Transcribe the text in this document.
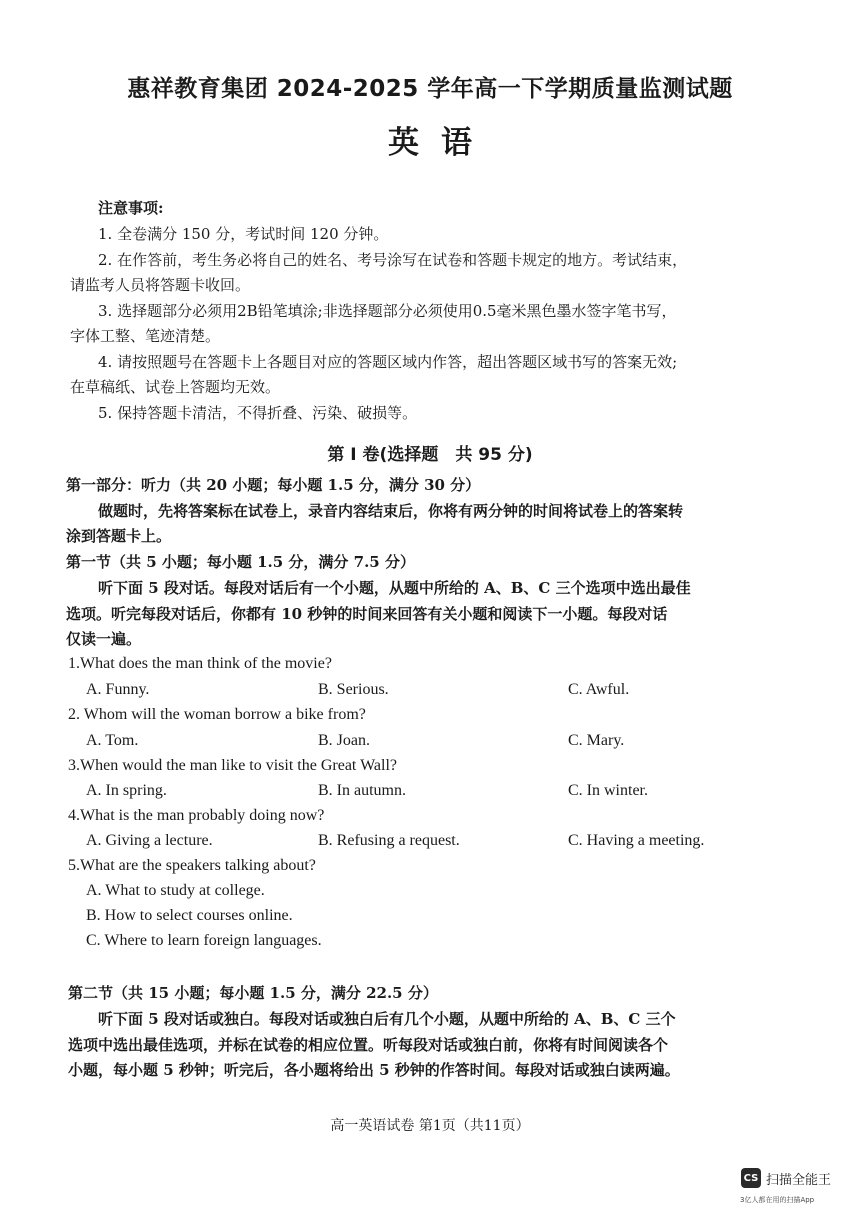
惠祥教育集团 2024-2025 学年高一下学期质量监测试题
英语
注意事项:
1. 全卷满分 150 分，考试时间 120 分钟。
2. 在作答前，考生务必将自己的姓名、考号涂写在试卷和答题卡规定的地方。考试结束，
请监考人员将答题卡收回。
3. 选择题部分必须用2B铅笔填涂;非选择题部分必须使用0.5毫米黑色墨水签字笔书写，
字体工整、笔迹清楚。
4. 请按照题号在答题卡上各题目对应的答题区域内作答，超出答题区域书写的答案无效;
在草稿纸、试卷上答题均无效。
5. 保持答题卡清洁，不得折叠、污染、破损等。
第 Ⅰ 卷(选择题　共 95 分)
第一部分：听力（共 20 小题；每小题 1.5 分，满分 30 分）
做题时，先将答案标在试卷上，录音内容结束后，你将有两分钟的时间将试卷上的答案转
涂到答题卡上。
第一节（共 5 小题；每小题 1.5 分，满分 7.5 分）
听下面 5 段对话。每段对话后有一个小题，从题中所给的 A、B、C 三个选项中选出最佳
选项。听完每段对话后，你都有 10 秒钟的时间来回答有关小题和阅读下一小题。每段对话
仅读一遍。
1.What does the man think of the movie?
A. Funny.	B. Serious.	C. Awful.
2. Whom will the woman borrow a bike from?
A. Tom.	B. Joan.	C. Mary.
3.When would the man like to visit the Great Wall?
A. In spring.	B. In autumn.	C. In winter.
4.What is the man probably doing now?
A. Giving a lecture.	B. Refusing a request.	C. Having a meeting.
5.What are the speakers talking about?
A. What to study at college.
B. How to select courses online.
C. Where to learn foreign languages.
第二节（共 15 小题；每小题 1.5 分，满分 22.5 分）
听下面 5 段对话或独白。每段对话或独白后有几个小题，从题中所给的 A、B、C 三个
选项中选出最佳选项，并标在试卷的相应位置。听每段对话或独白前，你将有时间阅读各个
小题，每小题 5 秒钟；听完后，各小题将给出 5 秒钟的作答时间。每段对话或独白读两遍。
高一英语试卷 第1页（共11页）
CS 扫描全能王
3亿人都在用的扫描App
